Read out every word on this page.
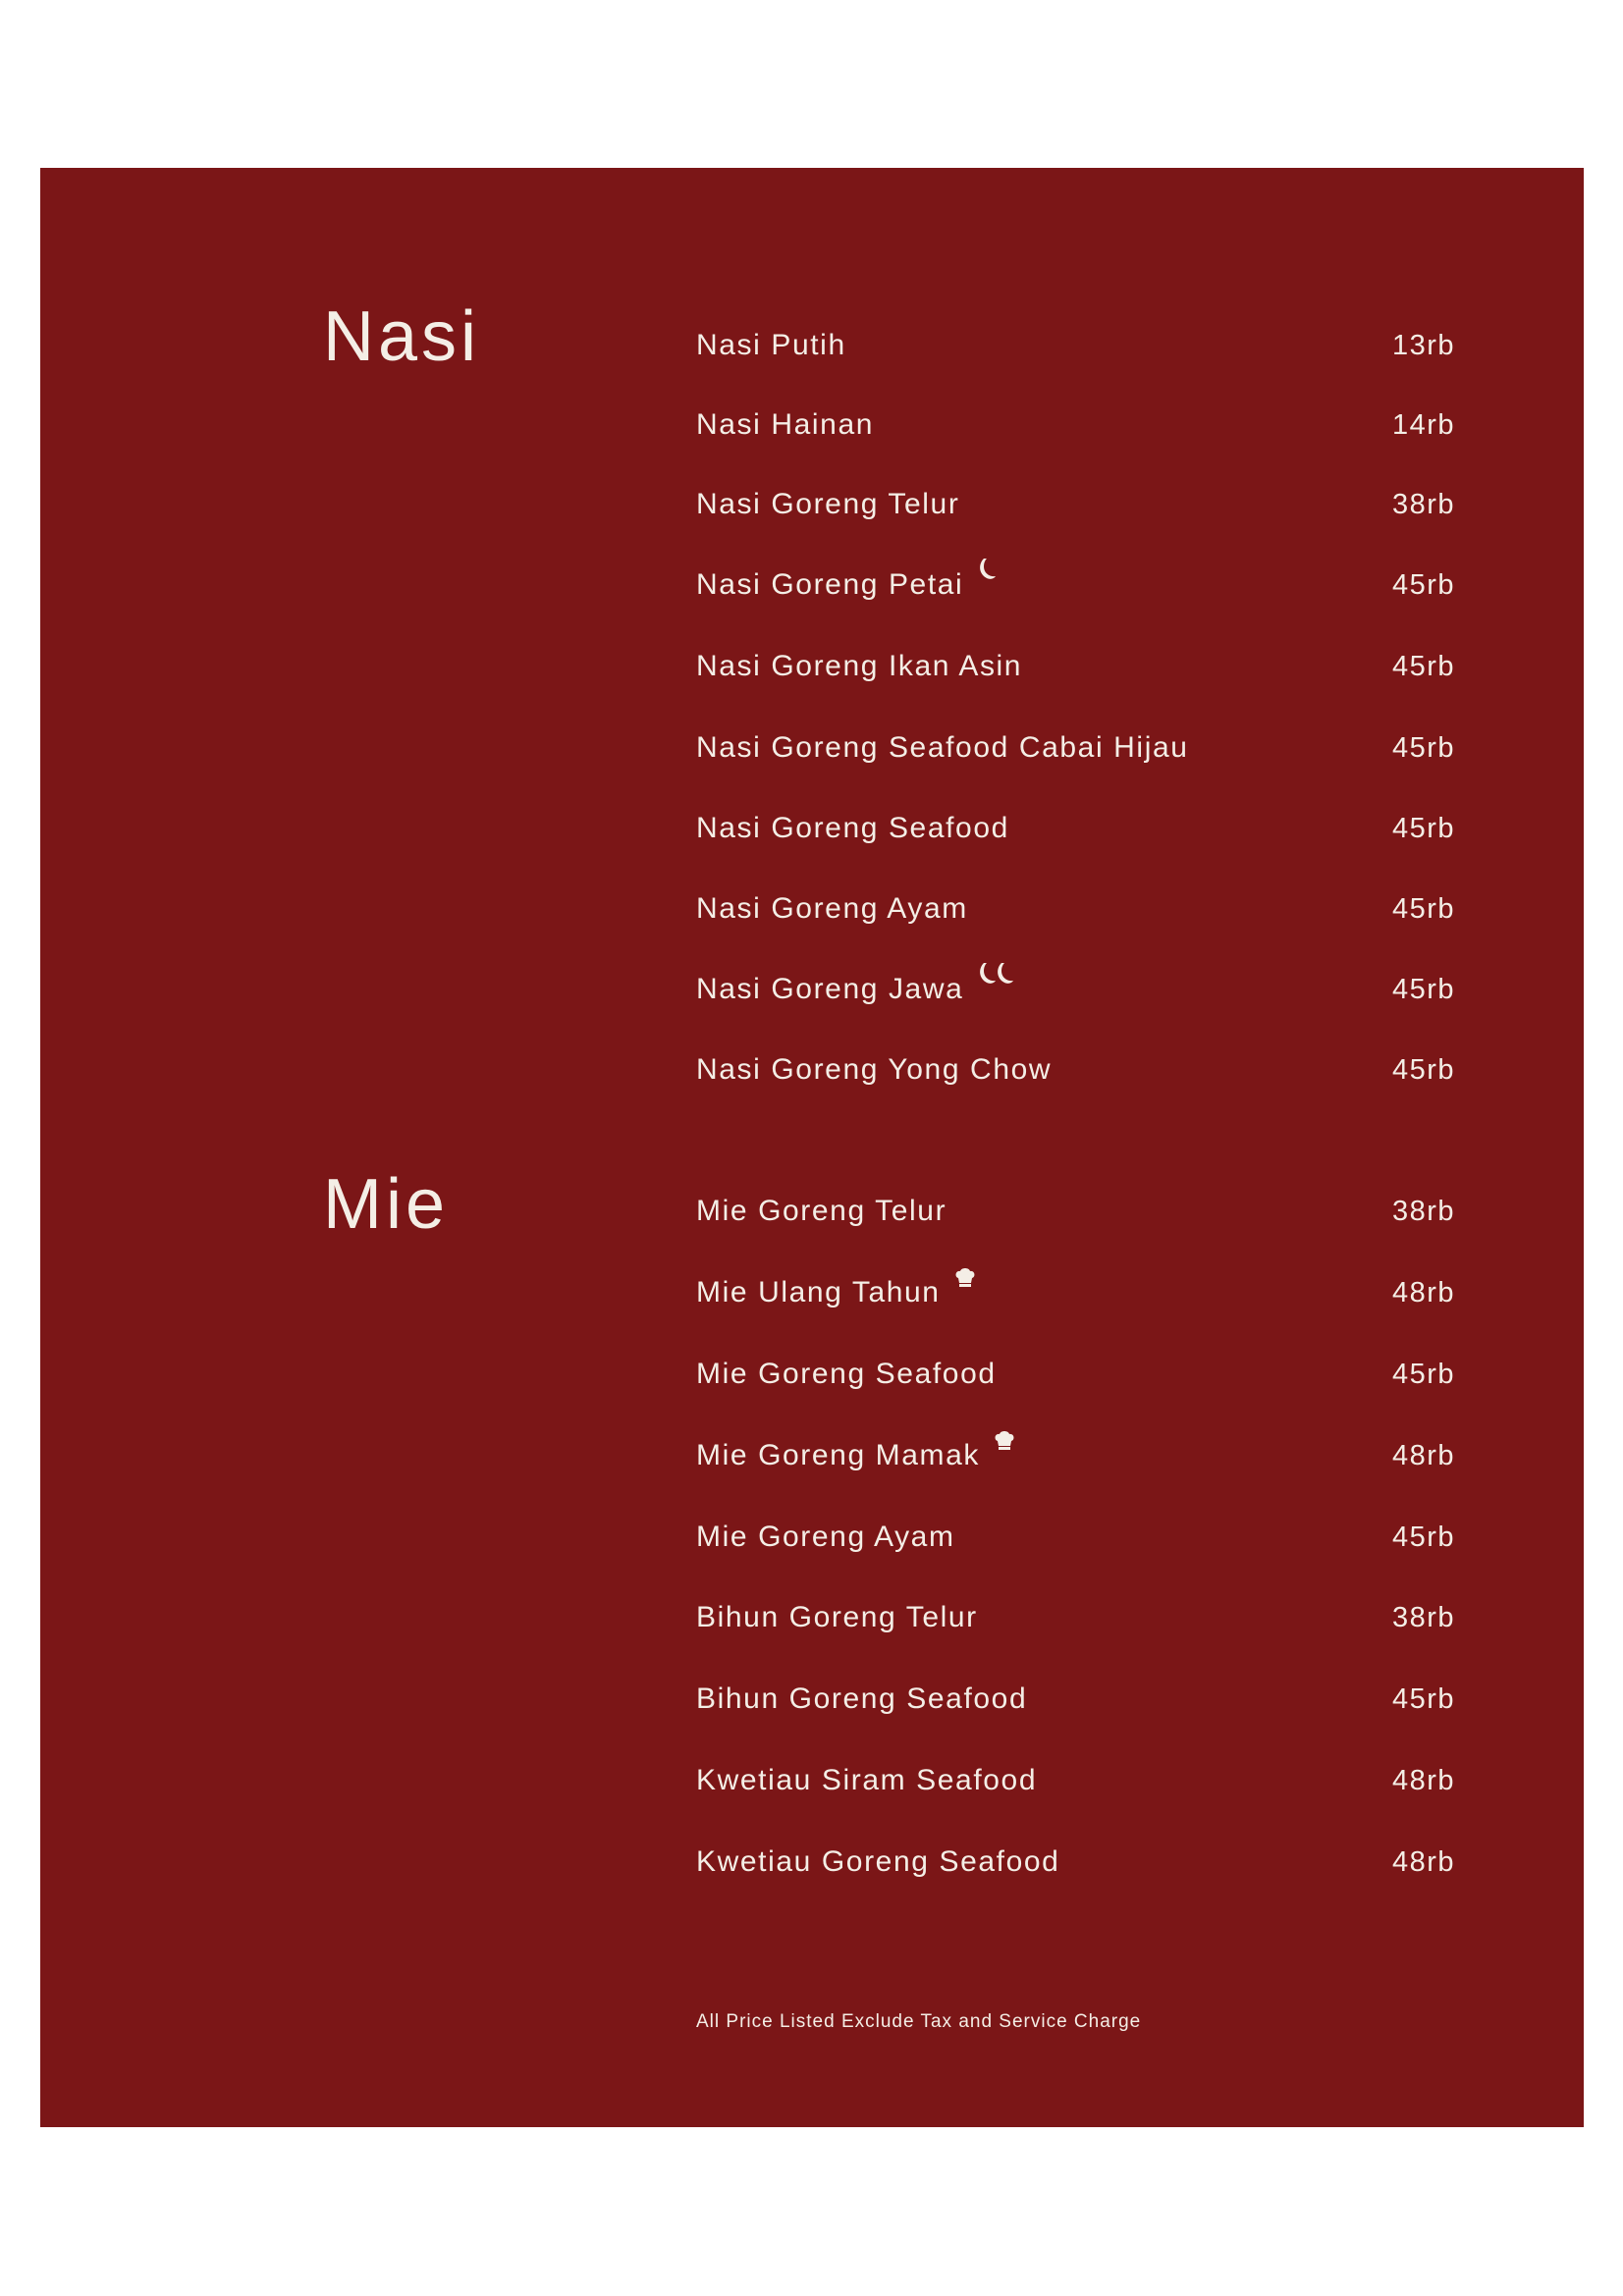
Nasi	Nasi Putih	13rb
Nasi Hainan	14rb
Nasi Goreng Telur	38rb
Nasi Goreng Petai	45rb
Nasi Goreng Ikan Asin	45rb
Nasi Goreng Seafood Cabai Hijau	45rb
Nasi Goreng Seafood	45rb
Nasi Goreng Ayam	45rb
Nasi Goreng Jawa	45rb
Nasi Goreng Yong Chow	45rb
Mie	Mie Goreng Telur	38rb
Mie Ulang Tahun	48rb
Mie Goreng Seafood	45rb
Mie Goreng Mamak	48rb
Mie Goreng Ayam	45rb
Bihun Goreng Telur	38rb
Bihun Goreng Seafood	45rb
Kwetiau Siram Seafood	48rb
Kwetiau Goreng Seafood	48rb
All Price Listed Exclude Tax and Service Charge
